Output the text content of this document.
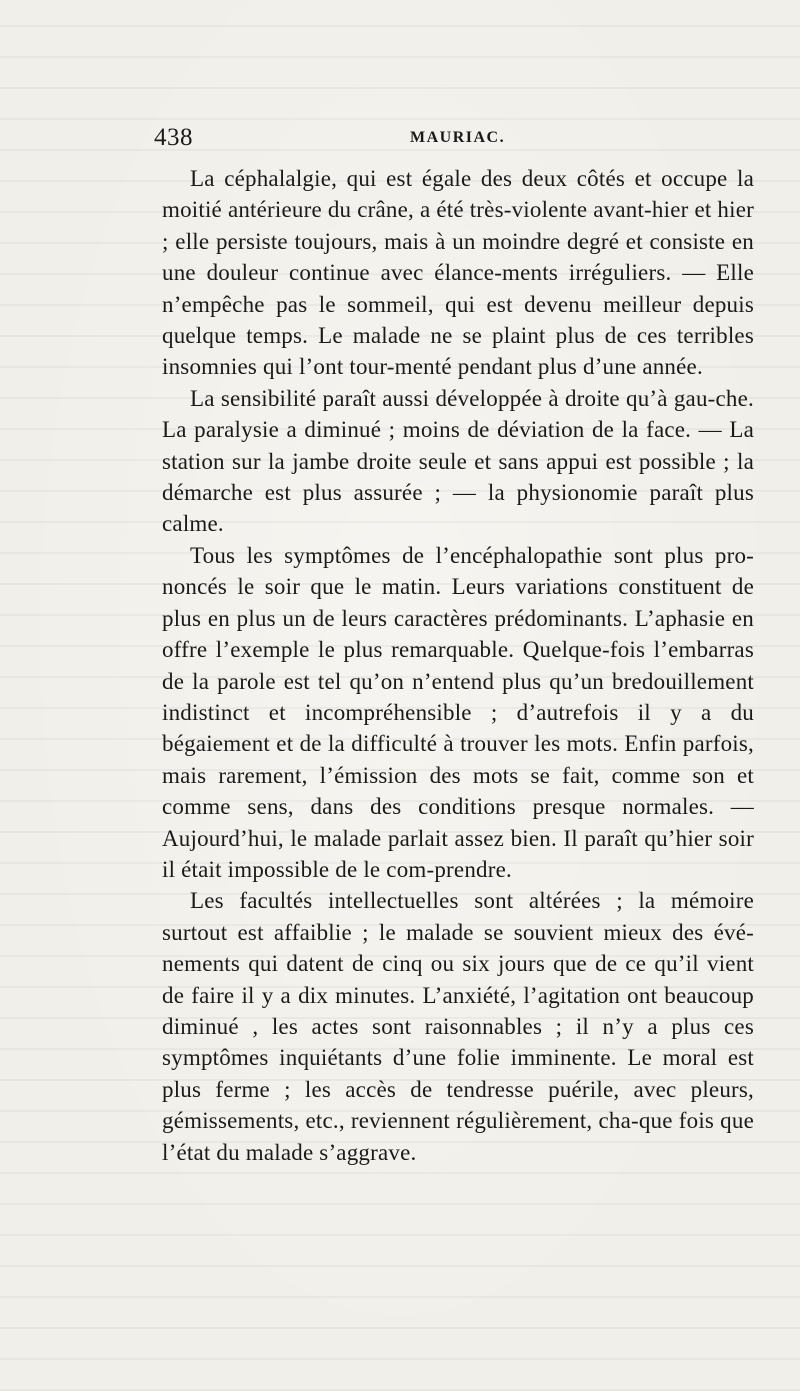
438	MAURIAC.

La céphalalgie, qui est égale des deux côtés et occupe la moitié antérieure du crâne, a été très-violente avant-hier et hier ; elle persiste toujours, mais à un moindre degré et consiste en une douleur continue avec élance-ments irréguliers. — Elle n’empêche pas le sommeil, qui est devenu meilleur depuis quelque temps. Le malade ne se plaint plus de ces terribles insomnies qui l’ont tour-menté pendant plus d’une année.

La sensibilité paraît aussi développée à droite qu’à gau-che. La paralysie a diminué ; moins de déviation de la face. — La station sur la jambe droite seule et sans appui est possible ; la démarche est plus assurée ; — la physionomie paraît plus calme.

Tous les symptômes de l’encéphalopathie sont plus pro-noncés le soir que le matin. Leurs variations constituent de plus en plus un de leurs caractères prédominants. L’aphasie en offre l’exemple le plus remarquable. Quelque-fois l’embarras de la parole est tel qu’on n’entend plus qu’un bredouillement indistinct et incompréhensible ; d’autrefois il y a du bégaiement et de la difficulté à trouver les mots. Enfin parfois, mais rarement, l’émission des mots se fait, comme son et comme sens, dans des conditions presque normales. — Aujourd’hui, le malade parlait assez bien. Il paraît qu’hier soir il était impossible de le com-prendre.

Les facultés intellectuelles sont altérées ; la mémoire surtout est affaiblie ; le malade se souvient mieux des évé-nements qui datent de cinq ou six jours que de ce qu’il vient de faire il y a dix minutes. L’anxiété, l’agitation ont beaucoup diminué , les actes sont raisonnables ; il n’y a plus ces symptômes inquiétants d’une folie imminente. Le moral est plus ferme ; les accès de tendresse puérile, avec pleurs, gémissements, etc., reviennent régulièrement, cha-que fois que l’état du malade s’aggrave.
